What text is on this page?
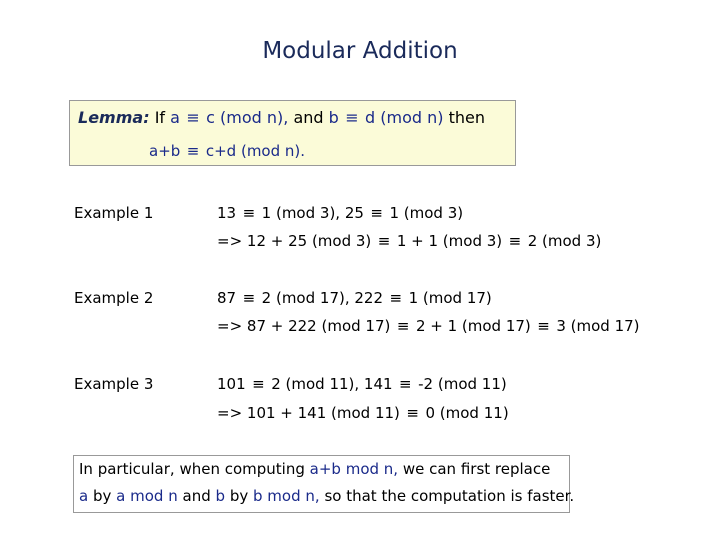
Modular Addition
Lemma: If a ≡ c (mod n), and b ≡ d (mod n) then
a+b ≡ c+d (mod n).
Example 1	13 ≡ 1 (mod 3), 25 ≡ 1 (mod 3)
=> 12 + 25 (mod 3) ≡ 1 + 1 (mod 3) ≡ 2 (mod 3)
Example 2	87 ≡ 2 (mod 17), 222 ≡ 1 (mod 17)
=> 87 + 222 (mod 17) ≡ 2 + 1 (mod 17) ≡ 3 (mod 17)
Example 3	101 ≡ 2 (mod 11), 141 ≡ -2 (mod 11)
=> 101 + 141 (mod 11) ≡ 0 (mod 11)
In particular, when computing a+b mod n, we can first replace
a by a mod n and b by b mod n, so that the computation is faster.
